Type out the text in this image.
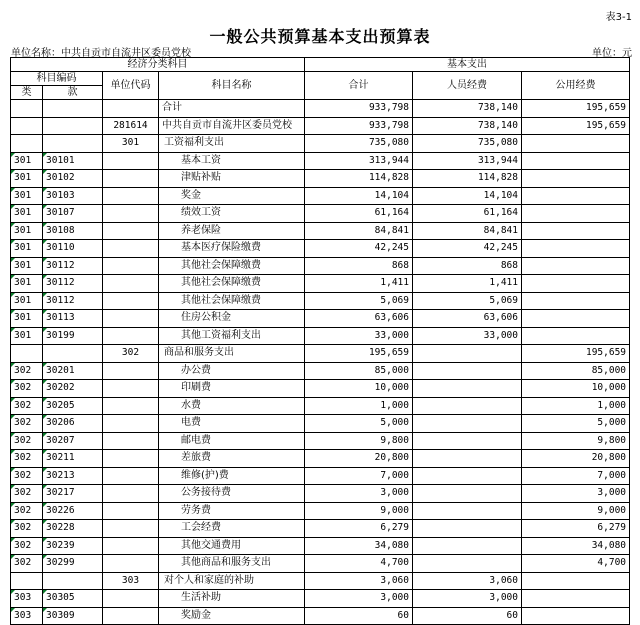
表3-1
一般公共预算基本支出预算表
单位名称：中共自贡市自流井区委员党校	单位：元
经济分类科目				基本支出		
科目编码		单位代码	科目名称	合计	人员经费	公用经费
类	款					
			合计	933,798	738,140	195,659
		281614	中共自贡市自流井区委员党校	933,798	738,140	195,659
		301	工资福利支出	735,080	735,080	
301	30101		基本工资	313,944	313,944	
301	30102		津贴补贴	114,828	114,828	
301	30103		奖金	14,104	14,104	
301	30107		绩效工资	61,164	61,164	
301	30108		养老保险	84,841	84,841	
301	30110		基本医疗保险缴费	42,245	42,245	
301	30112		其他社会保障缴费	868	868	
301	30112		其他社会保障缴费	1,411	1,411	
301	30112		其他社会保障缴费	5,069	5,069	
301	30113		住房公积金	63,606	63,606	
301	30199		其他工资福利支出	33,000	33,000	
		302	商品和服务支出	195,659		195,659
302	30201		办公费	85,000		85,000
302	30202		印刷费	10,000		10,000
302	30205		水费	1,000		1,000
302	30206		电费	5,000		5,000
302	30207		邮电费	9,800		9,800
302	30211		差旅费	20,800		20,800
302	30213		维修(护)费	7,000		7,000
302	30217		公务接待费	3,000		3,000
302	30226		劳务费	9,000		9,000
302	30228		工会经费	6,279		6,279
302	30239		其他交通费用	34,080		34,080
302	30299		其他商品和服务支出	4,700		4,700
		303	对个人和家庭的补助	3,060	3,060	
303	30305		生活补助	3,000	3,000	
303	30309		奖励金	60	60	
